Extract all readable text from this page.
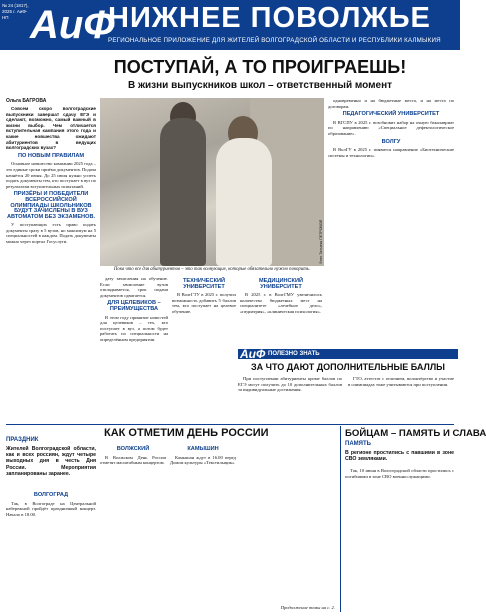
№ 24 (1817), 2025 г. АиФ-НП АиФ
НИЖНЕЕ ПОВОЛЖЬЕ
РЕГИОНАЛЬНОЕ ПРИЛОЖЕНИЕ ДЛЯ ЖИТЕЛЕЙ ВОЛГОГРАДСКОЙ ОБЛАСТИ И РЕСПУБЛИКИ КАЛМЫКИЯ
ПОСТУПАЙ, А ТО ПРОИГРАЕШЬ!
В жизни выпускников школ – ответственный момент
Ольга БАГРОВА

Совсем скоро волгоградские выпускники завершат сдачу ЕГЭ и сделают, возможно, самый важный в жизни выбор. Чем отличается вступительная кампания этого года и какие новшества ожидают абитуриентов в ведущих волгоградских вузах?

ПО НОВЫМ ПРАВИЛАМ

Основное новшество кампании 2025 года – это единые сроки приёма документов. Подача начнётся 20 июня. До 25 июля нужно успеть подать документы тем, кто поступает в вуз по результатам вступительных испытаний.

ПРИЗЁРЫ И ПОБЕДИТЕЛИ ВСЕРОССИЙСКОЙ ОЛИМПИАДЫ ШКОЛЬНИКОВ БУДУТ ЗАЧИСЛЕНЫ В ВУЗ АВТОМАТОМ БЕЗ ЭКЗАМЕНОВ.

У поступающих есть право подать документы сразу в 5 вузов, но максимум на 5 специальностей в каждом. Подать документы можно через портал Госуслуги.	Фото Татьяны ПЕТРОВОЙ
Пока что все для абитуриентов – это так волнующие, которые обязательно нужно покорить.

дату зачисления на обучение. Если зачисление вузов откладывается, срок подачи документов сдвигается.

ДЛЯ ЦЕЛЕВИКОВ – ПРЕИМУЩЕСТВА

В этом году принятие новостей для целевиков – тех, кто поступает в вуз, а потом будет работать по специальности на определённом предприятии.

ТЕХНИЧЕСКИЙ УНИВЕРСИТЕТ

В ВолгГТУ в 2025 г. получил возможность добавить 5 баллов тем, кто поступает на целевое обучение.

МЕДИЦИНСКИЙ УНИВЕРСИТЕТ

В 2025 г. в ВолгГМУ увеличилось количество бюджетных мест на специалитете «лечебное дело», «педиатрия», «клиническая психология».

одновременно и на бюджетные места, и на места по договорам.

ПЕДАГОГИЧЕСКИЙ УНИВЕРСИТЕТ

В ВГСПУ в 2025 г. возобновит набор на очную бакалавриат по направлению «Специальное дефектологическое образование».

ВОЛГУ

В ВолГУ в 2025 г. появится направление «Биотехнические системы и технологии».

ПОЛЕЗНО ЗНАТЬ
АиФ
ЗА ЧТО ДАЮТ ДОПОЛНИТЕЛЬНЫЕ БАЛЛЫ

При поступлении абитуриенты кроме баллов по ЕГЭ могут получить до 10 дополнительных баллов за индивидуальные достижения.

ГТО, аттестат с отличием, волонтёрство и участие в олимпиадах тоже учитываются при поступлении.

ПРАЗДНИК
КАК ОТМЕТИМ ДЕНЬ РОССИИ
Жителей Волгоградской области, как и всех россиян, ждут четыре выходных дня в честь Дня России. Мероприятия запланированы заранее.
ВОЛГОГРАД

Так, в Волгограде на Центральной набережной пройдёт праздничный концерт. Начало в 18.00.

ВОЛЖСКИЙ

В Волжском День России отметят масштабным концертом.

КАМЫШИН

Камышан ждут в 16.00 перед Домом культуры «Текстильщик».

Продолжение темы на с. 2.
БОЙЦАМ – ПАМЯТЬ И СЛАВА
ПАМЯТЬ
В регионе простились с павшими в зоне СВО земляками.

Так, 10 июня в Волгоградской области простились с погибшими в зоне СВО военнослужащими.
